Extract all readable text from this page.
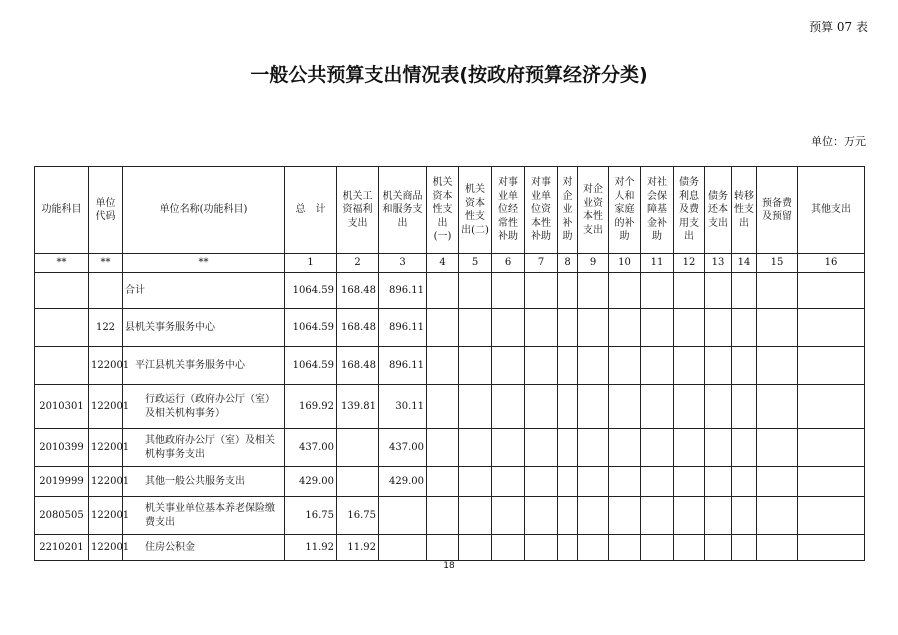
预算 07 表
一般公共预算支出情况表(按政府预算经济分类)
单位：万元
功能科目	单位代码	单位名称(功能科目)	总　计	机关工资福利支出	机关商品和服务支出	机关资本性支出(一)	机关资本性支出(二)	对事业单位经常性补助	对事业单位资本性补助	对企业补助	对企业资本性支出	对个人和家庭的补助	对社会保障基金补助	债务利息及费用支出	债务还本支出	转移性支出	预备费及预留	其他支出
**	**	**	1	2	3	4	5	6	7	8	9	10	11	12	13	14	15	16
		合计	1064.59	168.48	896.11													
	122	县机关事务服务中心	1064.59	168.48	896.11													
	122001	平江县机关事务服务中心	1064.59	168.48	896.11													
2010301	122001	行政运行（政府办公厅（室）及相关机构事务）	169.92	139.81	30.11													
2010399	122001	其他政府办公厅（室）及相关机构事务支出	437.00		437.00													
2019999	122001	其他一般公共服务支出	429.00		429.00													
2080505	122001	机关事业单位基本养老保险缴费支出	16.75	16.75														
2210201	122001	住房公积金	11.92	11.92														
18
